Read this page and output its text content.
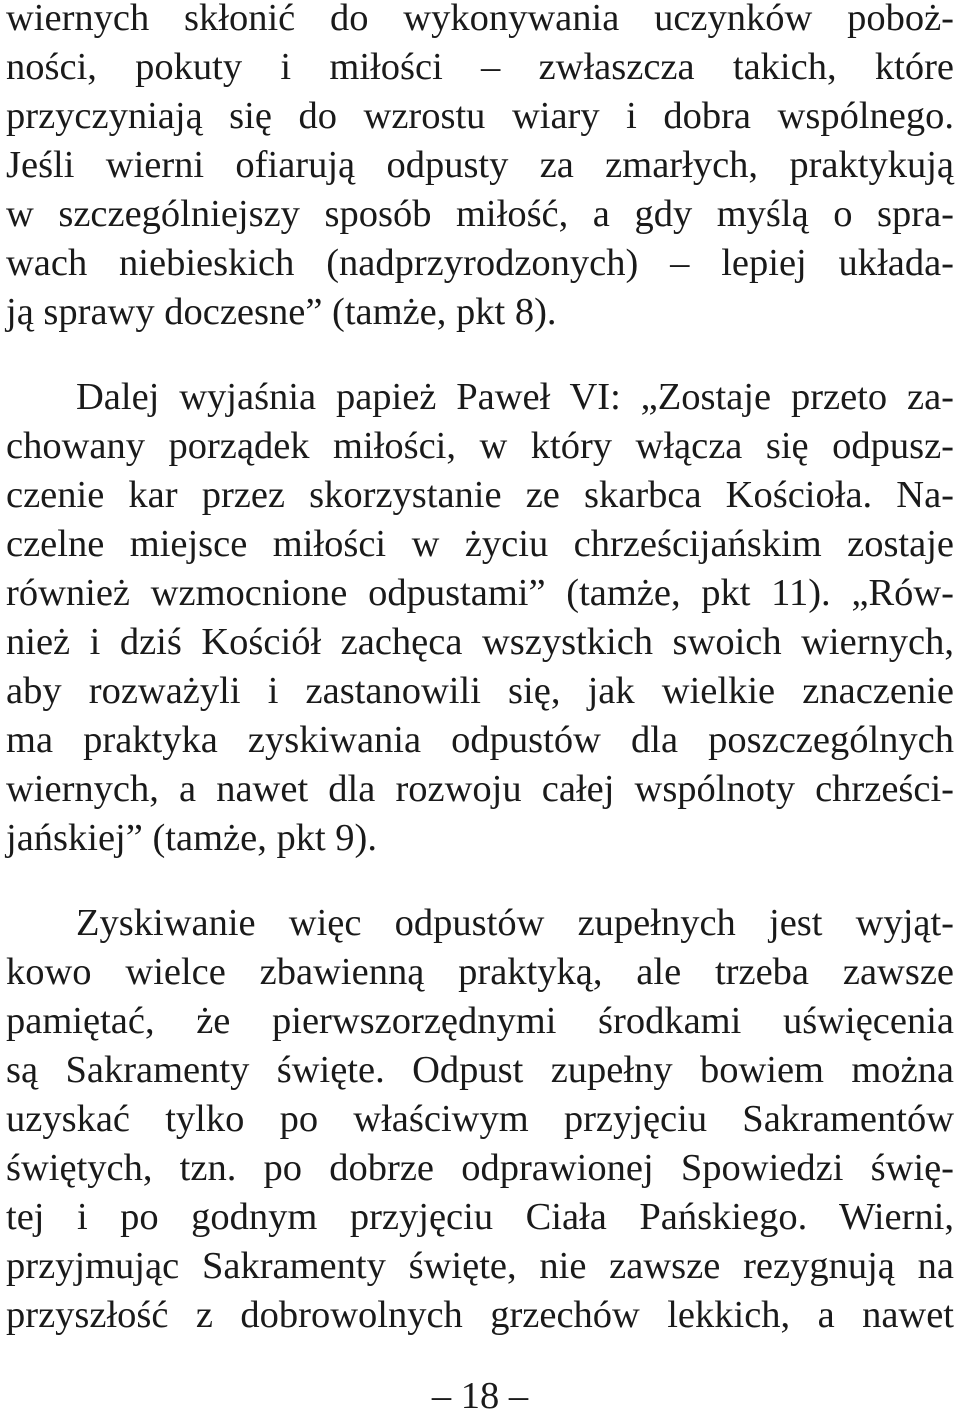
wiernych skłonić do wykonywania uczynków poboż-
ności, pokuty i miłości – zwłaszcza takich, które
przyczyniają się do wzrostu wiary i dobra wspólnego.
Jeśli wierni ofiarują odpusty za zmarłych, praktykują
w szczególniejszy sposób miłość, a gdy myślą o spra-
wach niebieskich (nadprzyrodzonych) – lepiej układa-
ją sprawy doczesne” (tamże, pkt 8).
Dalej wyjaśnia papież Paweł VI: „Zostaje przeto za-
chowany porządek miłości, w który włącza się odpusz-
czenie kar przez skorzystanie ze skarbca Kościoła. Na-
czelne miejsce miłości w życiu chrześcijańskim zostaje
również wzmocnione odpustami” (tamże, pkt 11). „Rów-
nież i dziś Kościół zachęca wszystkich swoich wiernych,
aby rozważyli i zastanowili się, jak wielkie znaczenie
ma praktyka zyskiwania odpustów dla poszczególnych
wiernych, a nawet dla rozwoju całej wspólnoty chrześci-
jańskiej” (tamże, pkt 9).
Zyskiwanie więc odpustów zupełnych jest wyjąt-
kowo wielce zbawienną praktyką, ale trzeba zawsze
pamiętać, że pierwszorzędnymi środkami uświęcenia
są Sakramenty święte. Odpust zupełny bowiem można
uzyskać tylko po właściwym przyjęciu Sakramentów
świętych, tzn. po dobrze odprawionej Spowiedzi świę-
tej i po godnym przyjęciu Ciała Pańskiego. Wierni,
przyjmując Sakramenty święte, nie zawsze rezygnują na
przyszłość z dobrowolnych grzechów lekkich, a nawet
– 18 –
